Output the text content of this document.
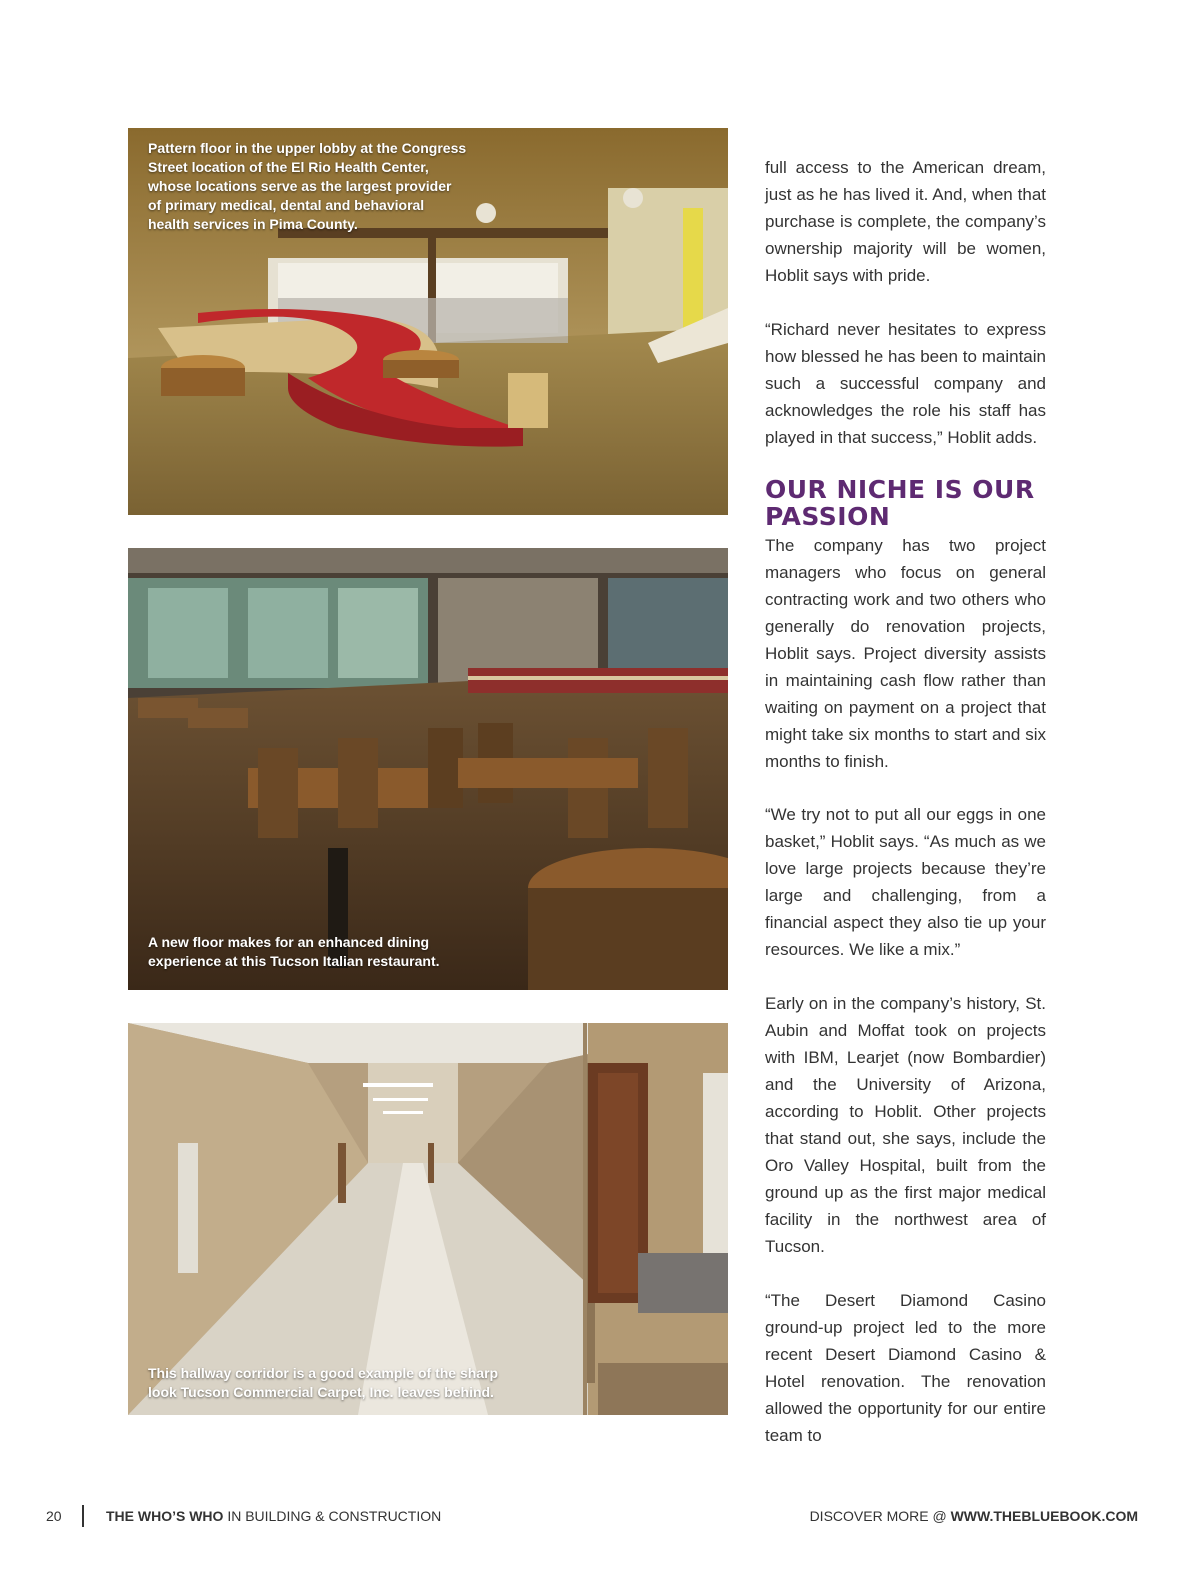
Pattern floor in the upper lobby at the Congress Street location of the El Rio Health Center, whose locations serve as the largest provider of primary medical, dental and behavioral health services in Pima County.
A new floor makes for an enhanced dining experience at this Tucson Italian restaurant.
This hallway corridor is a good example of the sharp look Tucson Commercial Carpet, Inc. leaves behind.

full access to the American dream, just as he has lived it. And, when that purchase is complete, the company’s ownership majority will be women, Hoblit says with pride.

“Richard never hesitates to express how blessed he has been to maintain such a successful company and acknowledges the role his staff has played in that success,” Hoblit adds.

OUR NICHE IS OUR PASSION

The company has two project managers who focus on general contracting work and two others who generally do renovation projects, Hoblit says. Project diversity assists in maintaining cash flow rather than waiting on payment on a project that might take six months to start and six months to finish.

“We try not to put all our eggs in one basket,” Hoblit says. “As much as we love large projects because they’re large and challenging, from a financial aspect they also tie up your resources. We like a mix.”

Early on in the company’s history, St. Aubin and Moffat took on projects with IBM, Learjet (now Bombardier) and the University of Arizona, according to Hoblit. Other projects that stand out, she says, include the Oro Valley Hospital, built from the ground up as the first major medical facility in the northwest area of Tucson.

“The Desert Diamond Casino ground-up project led to the more recent Desert Diamond Casino & Hotel renovation. The renovation allowed the opportunity for our entire team to

20	THE WHO’S WHO IN BUILDING & CONSTRUCTION	DISCOVER MORE @ WWW.THEBLUEBOOK.COM
